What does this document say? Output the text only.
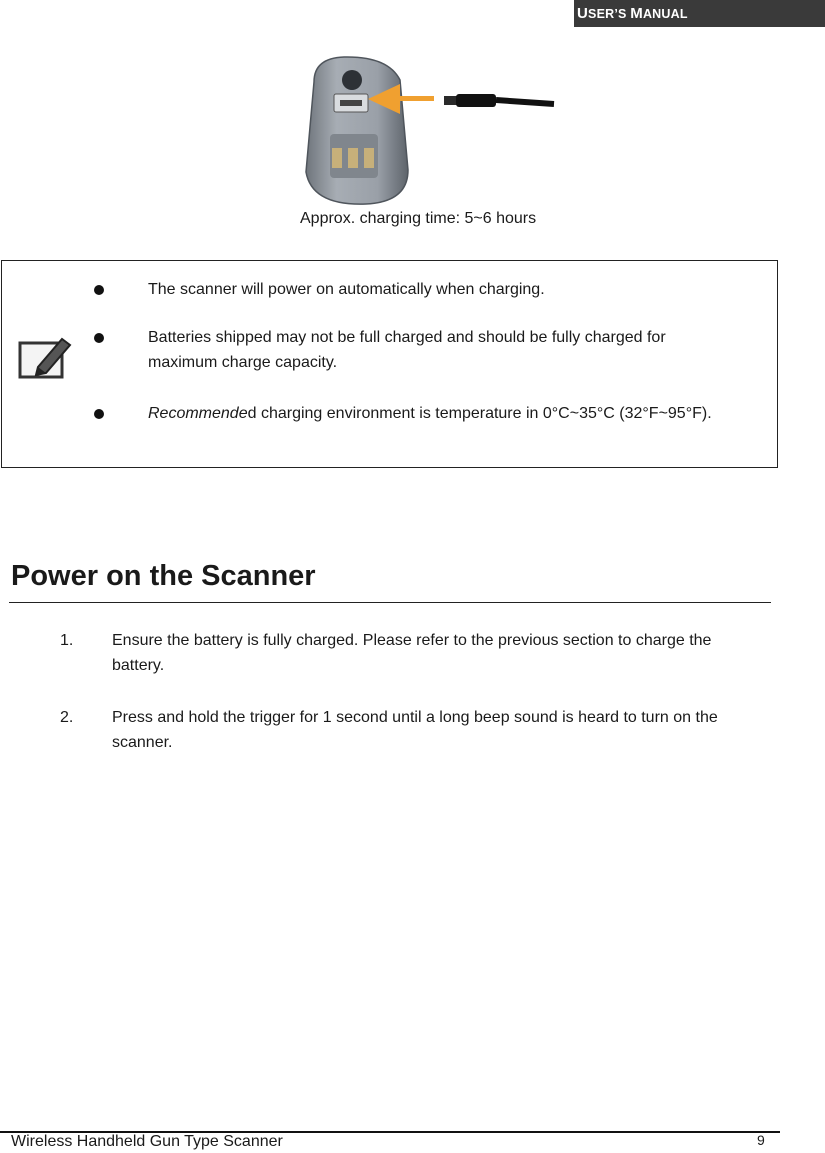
USER’S MANUAL
Approx. charging time: 5~6 hours
The scanner will power on automatically when charging.
Batteries shipped may not be full charged and should be fully charged for maximum charge capacity.
Recommended charging environment is temperature in 0°C~35°C (32°F~95°F).
Power on the Scanner
1. Ensure the battery is fully charged. Please refer to the previous section to charge the battery.
2. Press and hold the trigger for 1 second until a long beep sound is heard to turn on the scanner.
Wireless Handheld Gun Type Scanner	9
